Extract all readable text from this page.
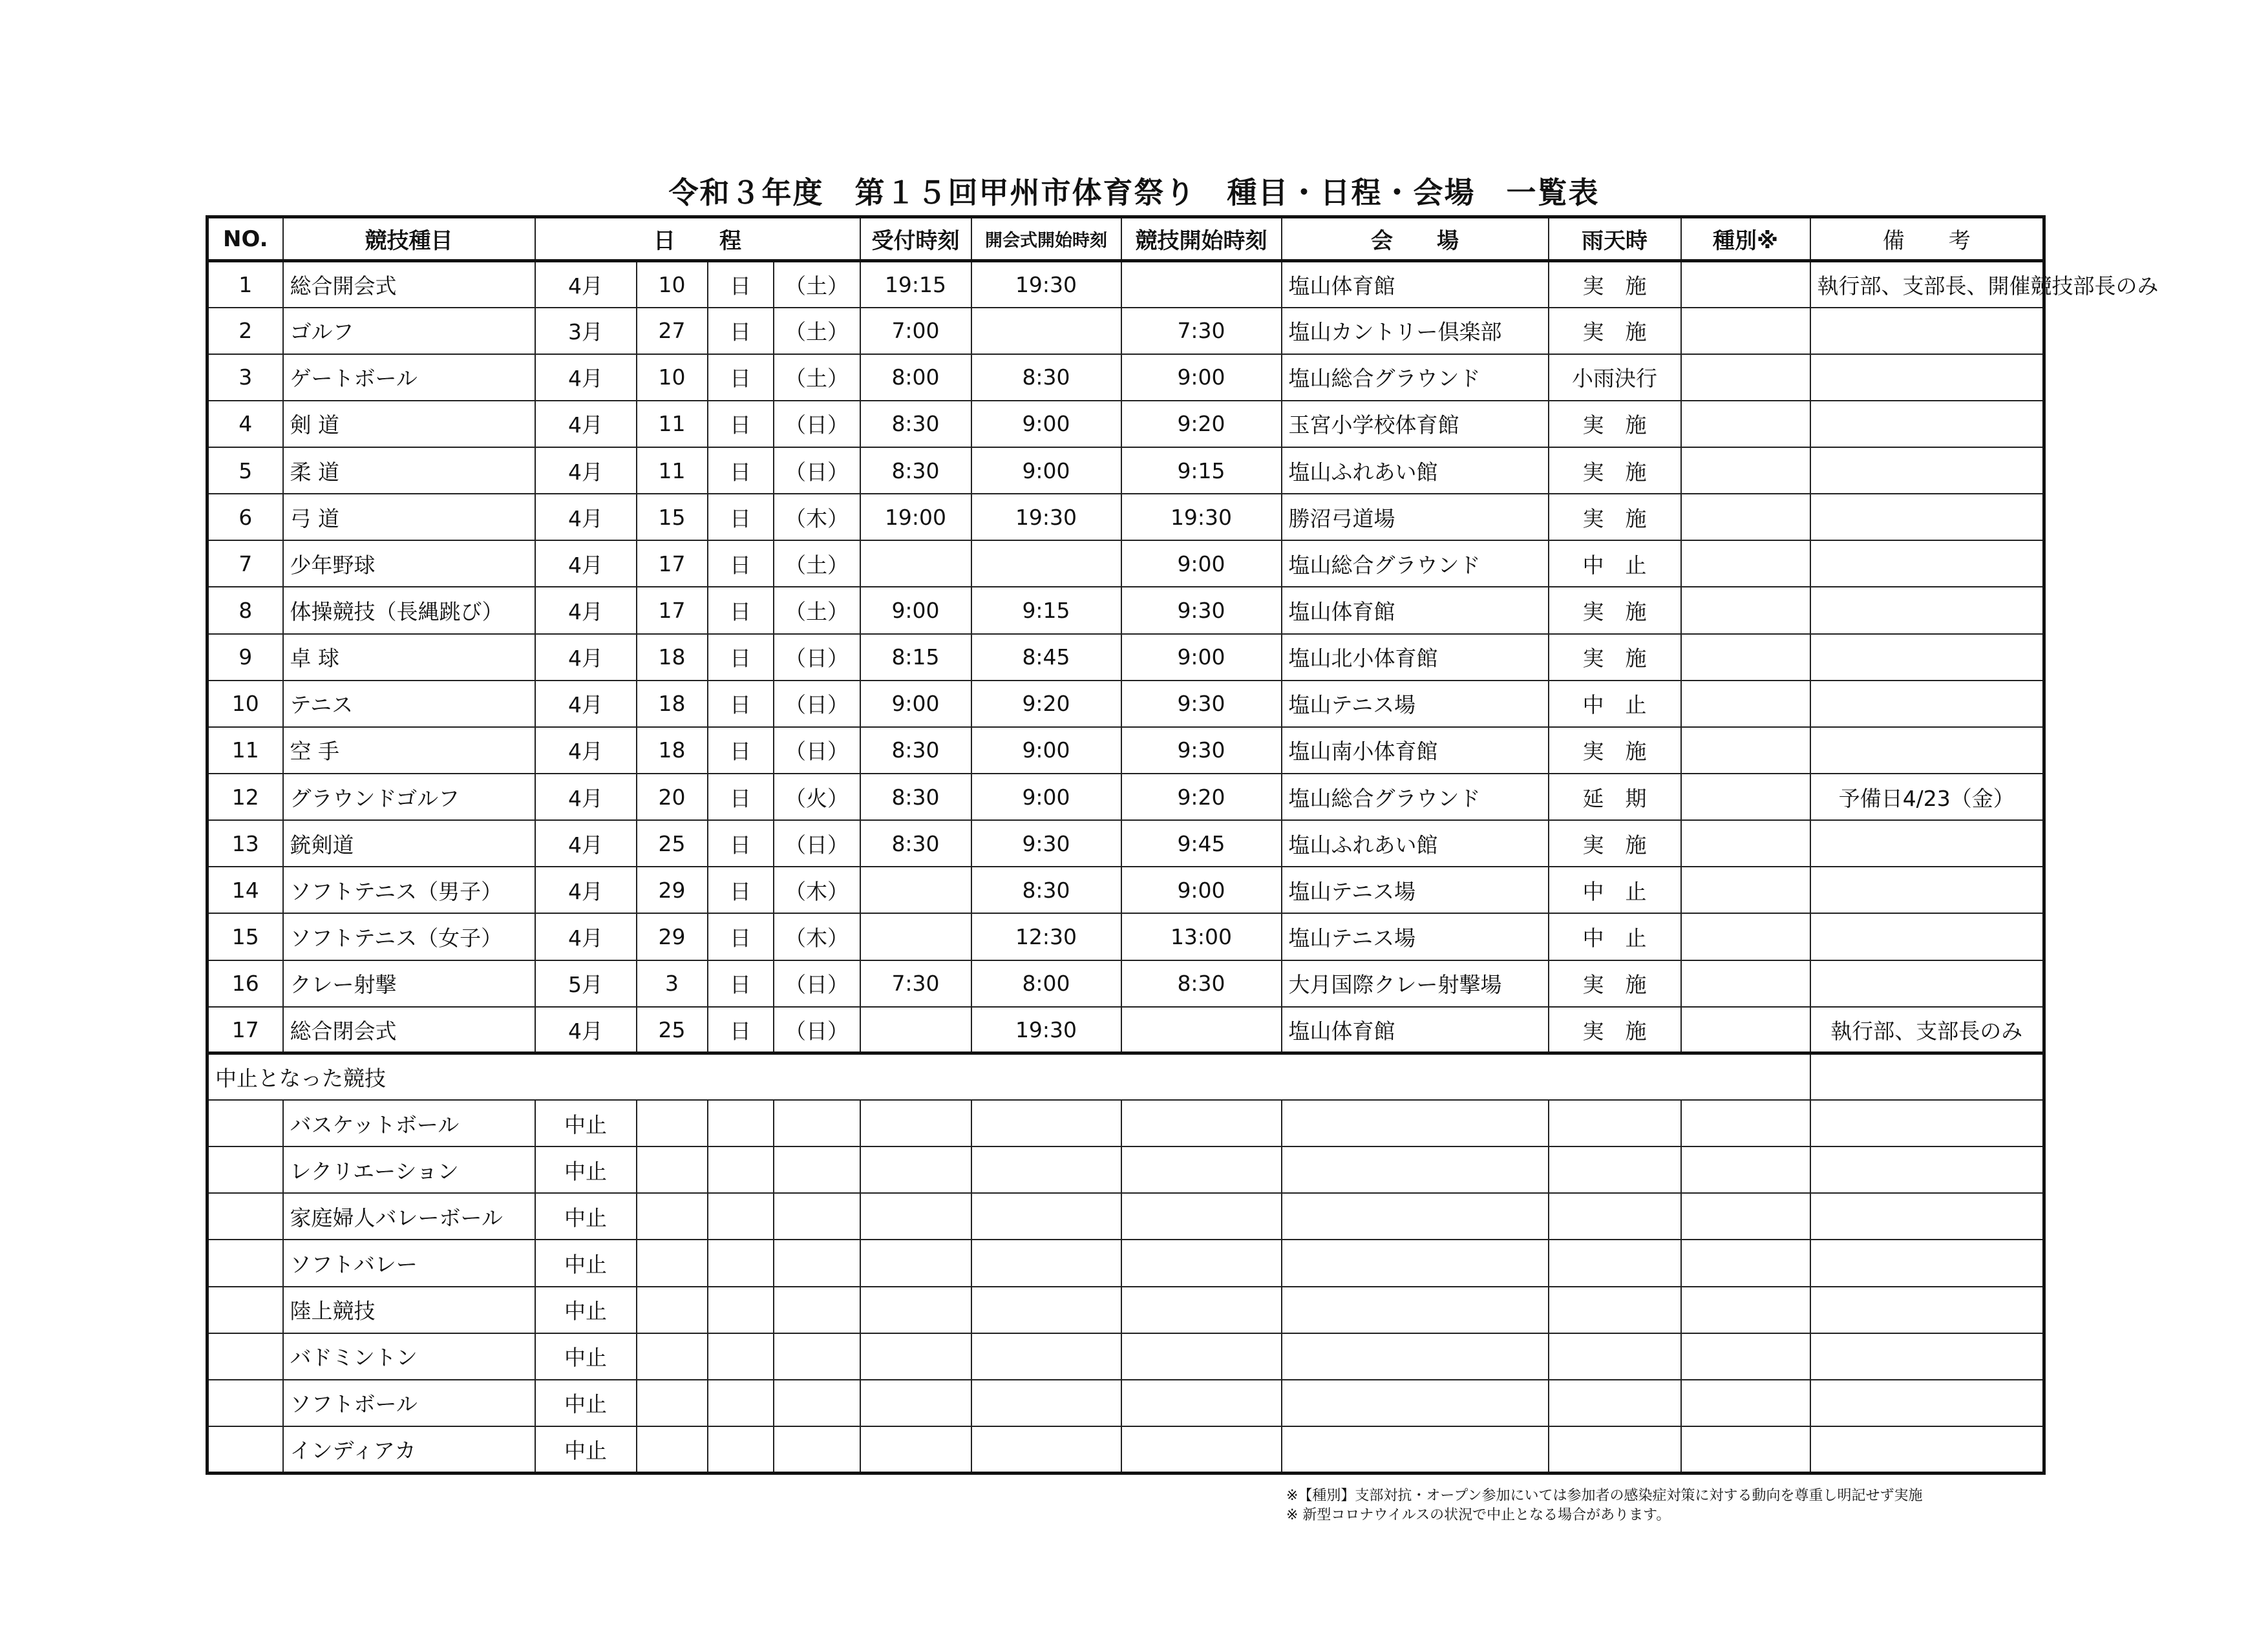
令和３年度　第１５回甲州市体育祭り　種目・日程・会場　一覧表
NO.	競技種目	日　　程				受付時刻	開会式開始時刻	競技開始時刻	会　　場	雨天時	種別※	備　　考
1	総合開会式	4月	10	日	（土）	19:15	19:30		塩山体育館	実　施		執行部、支部長、開催競技部長のみ
2	ゴルフ	3月	27	日	（土）	7:00		7:30	塩山カントリー倶楽部	実　施		
3	ゲートボール	4月	10	日	（土）	8:00	8:30	9:00	塩山総合グラウンド	小雨決行		
4	剣 道	4月	11	日	（日）	8:30	9:00	9:20	玉宮小学校体育館	実　施		
5	柔 道	4月	11	日	（日）	8:30	9:00	9:15	塩山ふれあい館	実　施		
6	弓 道	4月	15	日	（木）	19:00	19:30	19:30	勝沼弓道場	実　施		
7	少年野球	4月	17	日	（土）			9:00	塩山総合グラウンド	中　止		
8	体操競技（長縄跳び）	4月	17	日	（土）	9:00	9:15	9:30	塩山体育館	実　施		
9	卓 球	4月	18	日	（日）	8:15	8:45	9:00	塩山北小体育館	実　施		
10	テニス	4月	18	日	（日）	9:00	9:20	9:30	塩山テニス場	中　止		
11	空 手	4月	18	日	（日）	8:30	9:00	9:30	塩山南小体育館	実　施		
12	グラウンドゴルフ	4月	20	日	（火）	8:30	9:00	9:20	塩山総合グラウンド	延　期		予備日4/23（金）
13	銃剣道	4月	25	日	（日）	8:30	9:30	9:45	塩山ふれあい館	実　施		
14	ソフトテニス（男子）	4月	29	日	（木）		8:30	9:00	塩山テニス場	中　止		
15	ソフトテニス（女子）	4月	29	日	（木）		12:30	13:00	塩山テニス場	中　止		
16	クレー射撃	5月	3	日	（日）	7:30	8:00	8:30	大月国際クレー射撃場	実　施		
17	総合閉会式	4月	25	日	（日）		19:30		塩山体育館	実　施		執行部、支部長のみ
中止となった競技												
	バスケットボール	中止										
	レクリエーション	中止										
	家庭婦人バレーボール	中止										
	ソフトバレー	中止										
	陸上競技	中止										
	バドミントン	中止										
	ソフトボール	中止										
	インディアカ	中止										
※【種別】支部対抗・オープン参加にいては参加者の感染症対策に対する動向を尊重し明記せず実施
※ 新型コロナウイルスの状況で中止となる場合があります。
